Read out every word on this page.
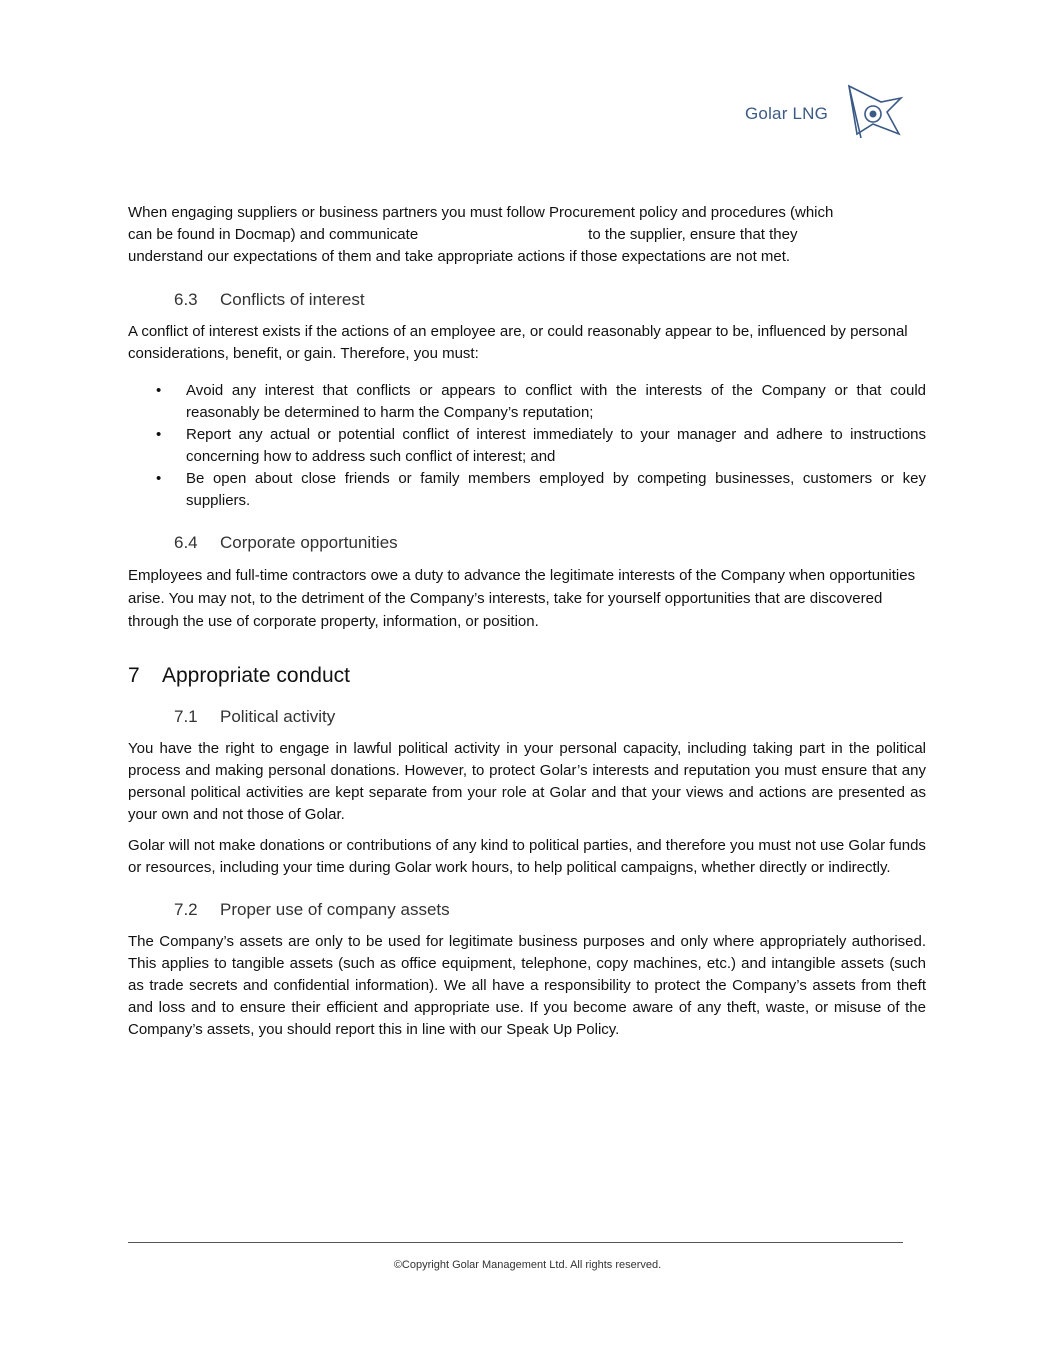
Golar LNG

When engaging suppliers or business partners you must follow Procurement policy and procedures (which
can be found in Docmap) and communicate	to the supplier, ensure that they
understand our expectations of them and take appropriate actions if those expectations are not met.

6.3 Conflicts of interest

A conflict of interest exists if the actions of an employee are, or could reasonably appear to be, influenced by personal considerations, benefit, or gain. Therefore, you must:

• Avoid any interest that conflicts or appears to conflict with the interests of the Company or that could reasonably be determined to harm the Company’s reputation;
• Report any actual or potential conflict of interest immediately to your manager and adhere to instructions concerning how to address such conflict of interest; and
• Be open about close friends or family members employed by competing businesses, customers or key suppliers.
6.4 Corporate opportunities

Employees and full-time contractors owe a duty to advance the legitimate interests of the Company when opportunities arise. You may not, to the detriment of the Company’s interests, take for yourself opportunities that are discovered through the use of corporate property, information, or position.

7 Appropriate conduct
7.1 Political activity

You have the right to engage in lawful political activity in your personal capacity, including taking part in the political process and making personal donations. However, to protect Golar’s interests and reputation you must ensure that any personal political activities are kept separate from your role at Golar and that your views and actions are presented as your own and not those of Golar.

Golar will not make donations or contributions of any kind to political parties, and therefore you must not use Golar funds or resources, including your time during Golar work hours, to help political campaigns, whether directly or indirectly.

7.2 Proper use of company assets

The Company’s assets are only to be used for legitimate business purposes and only where appropriately authorised. This applies to tangible assets (such as office equipment, telephone, copy machines, etc.) and intangible assets (such as trade secrets and confidential information). We all have a responsibility to protect the Company’s assets from theft and loss and to ensure their efficient and appropriate use. If you become aware of any theft, waste, or misuse of the Company’s assets, you should report this in line with our Speak Up Policy.

©Copyright Golar Management Ltd. All rights reserved.
